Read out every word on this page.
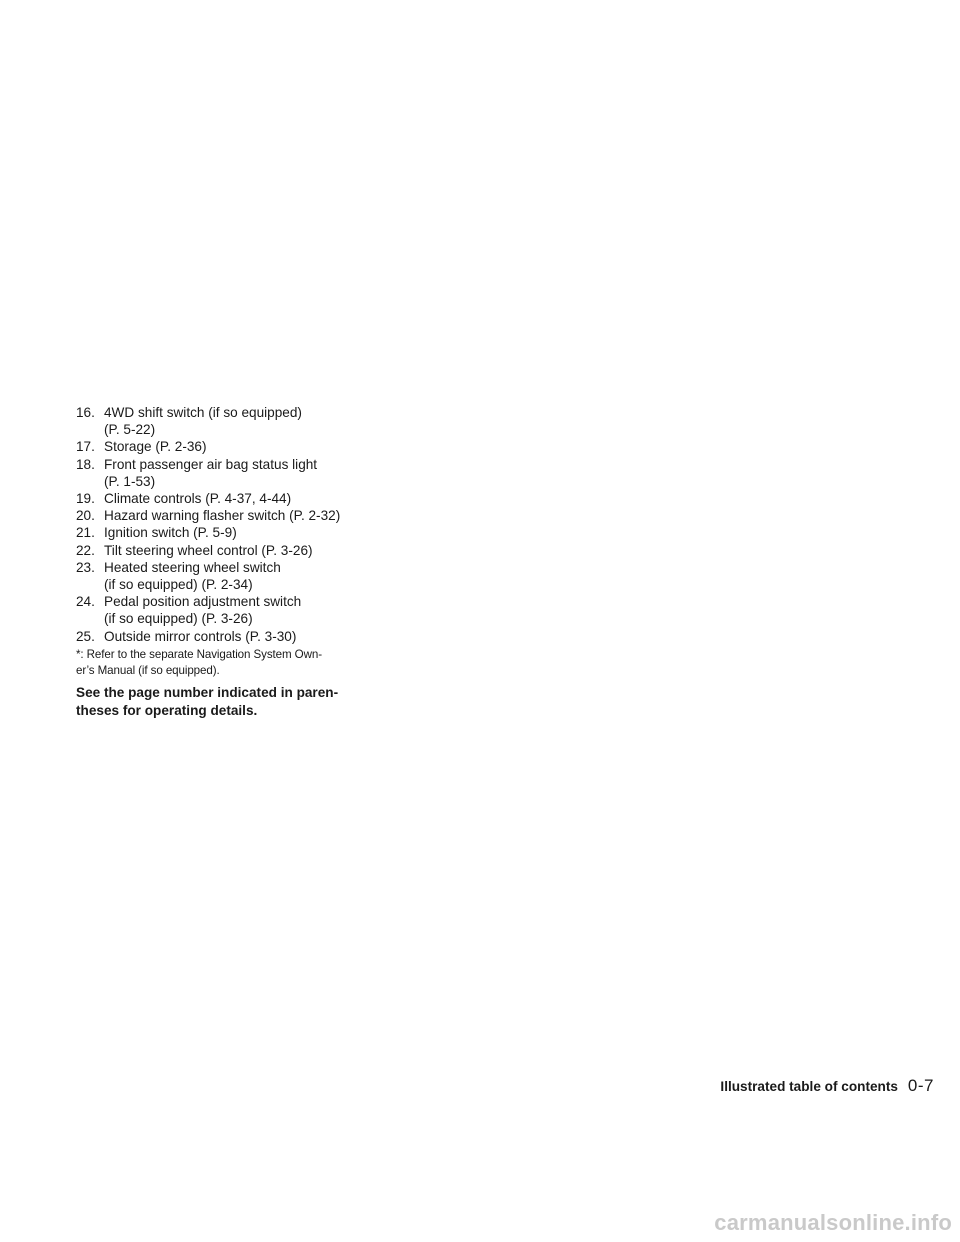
16. 4WD shift switch (if so equipped)
(P. 5-22)
17. Storage (P. 2-36)
18. Front passenger air bag status light
(P. 1-53)
19. Climate controls (P. 4-37, 4-44)
20. Hazard warning flasher switch (P. 2-32)
21. Ignition switch (P. 5-9)
22. Tilt steering wheel control (P. 3-26)
23. Heated steering wheel switch
(if so equipped) (P. 2-34)
24. Pedal position adjustment switch
(if so equipped) (P. 3-26)
25. Outside mirror controls (P. 3-30)

*: Refer to the separate Navigation System Own-
er’s Manual (if so equipped).

See the page number indicated in paren-
theses for operating details.

Illustrated table of contents 0-7
carmanualsonline.info
